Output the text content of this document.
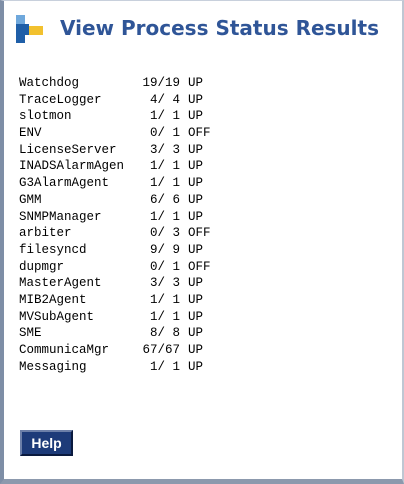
View Process Status Results
Watchdog	19/19 UP
TraceLogger	4/ 4 UP
slotmon	1/ 1 UP
ENV	0/ 1 OFF
LicenseServer	3/ 3 UP
INADSAlarmAgen	1/ 1 UP
G3AlarmAgent	1/ 1 UP
GMM	6/ 6 UP
SNMPManager	1/ 1 UP
arbiter	0/ 3 OFF
filesyncd	9/ 9 UP
dupmgr	0/ 1 OFF
MasterAgent	3/ 3 UP
MIB2Agent	1/ 1 UP
MVSubAgent	1/ 1 UP
SME	8/ 8 UP
CommunicaMgr	67/67 UP
Messaging	1/ 1 UP
Help
